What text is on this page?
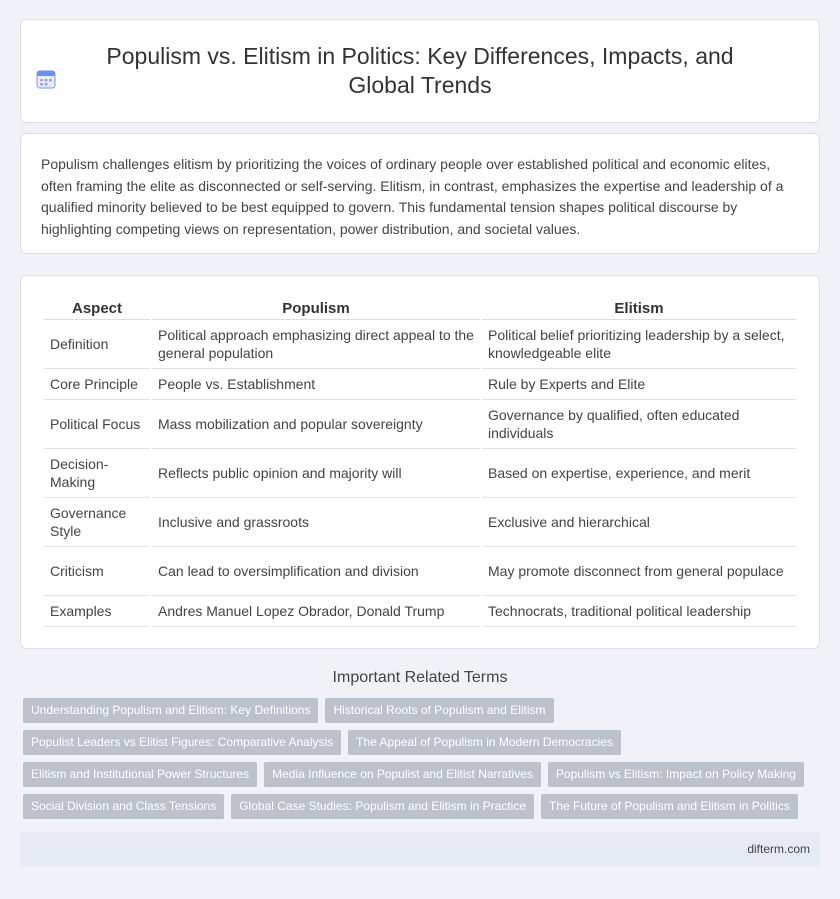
Populism vs. Elitism in Politics: Key Differences, Impacts, and Global Trends

Populism challenges elitism by prioritizing the voices of ordinary people over established political and economic elites, often framing the elite as disconnected or self-serving. Elitism, in contrast, emphasizes the expertise and leadership of a qualified minority believed to be best equipped to govern. This fundamental tension shapes political discourse by highlighting competing views on representation, power distribution, and societal values.

Aspect	Populism	Elitism
Definition	Political approach emphasizing direct appeal to the general population	Political belief prioritizing leadership by a select, knowledgeable elite
Core Principle	People vs. Establishment	Rule by Experts and Elite
Political Focus	Mass mobilization and popular sovereignty	Governance by qualified, often educated individuals
Decision-Making	Reflects public opinion and majority will	Based on expertise, experience, and merit
Governance Style	Inclusive and grassroots	Exclusive and hierarchical
Criticism	Can lead to oversimplification and division	May promote disconnect from general populace
Examples	Andres Manuel Lopez Obrador, Donald Trump	Technocrats, traditional political leadership
Important Related Terms
Understanding Populism and Elitism: Key Definitions	Historical Roots of Populism and Elitism
Populist Leaders vs Elitist Figures: Comparative Analysis	The Appeal of Populism in Modern Democracies
Elitism and Institutional Power Structures	Media Influence on Populist and Elitist Narratives	Populism vs Elitism: Impact on Policy Making
Social Division and Class Tensions	Global Case Studies: Populism and Elitism in Practice	The Future of Populism and Elitism in Politics
difterm.com
